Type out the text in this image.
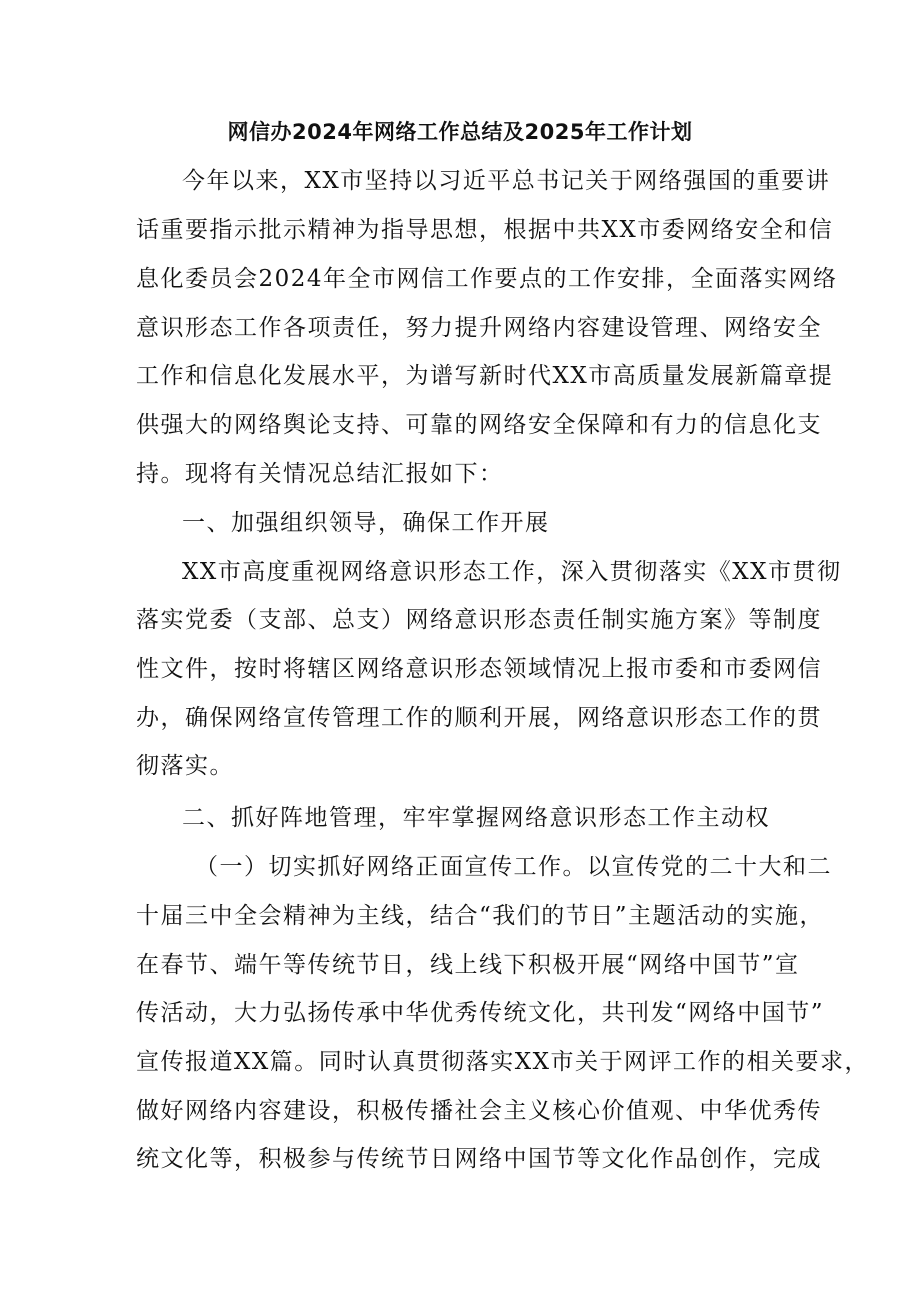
网信办2024年网络工作总结及2025年工作计划
今年以来，XX市坚持以习近平总书记关于网络强国的重要讲
话重要指示批示精神为指导思想，根据中共XX市委网络安全和信
息化委员会2024年全市网信工作要点的工作安排，全面落实网络
意识形态工作各项责任，努力提升网络内容建设管理、网络安全
工作和信息化发展水平，为谱写新时代XX市高质量发展新篇章提
供强大的网络舆论支持、可靠的网络安全保障和有力的信息化支
持。现将有关情况总结汇报如下：
一、加强组织领导，确保工作开展
XX市高度重视网络意识形态工作，深入贯彻落实《XX市贯彻
落实党委（支部、总支）网络意识形态责任制实施方案》等制度
性文件，按时将辖区网络意识形态领域情况上报市委和市委网信
办，确保网络宣传管理工作的顺利开展，网络意识形态工作的贯
彻落实。
二、抓好阵地管理，牢牢掌握网络意识形态工作主动权
（一）切实抓好网络正面宣传工作。以宣传党的二十大和二
十届三中全会精神为主线，结合“我们的节日”主题活动的实施，
在春节、端午等传统节日，线上线下积极开展“网络中国节”宣
传活动，大力弘扬传承中华优秀传统文化，共刊发“网络中国节”
宣传报道XX篇。同时认真贯彻落实XX市关于网评工作的相关要求，
做好网络内容建设，积极传播社会主义核心价值观、中华优秀传
统文化等，积极参与传统节日网络中国节等文化作品创作，完成
